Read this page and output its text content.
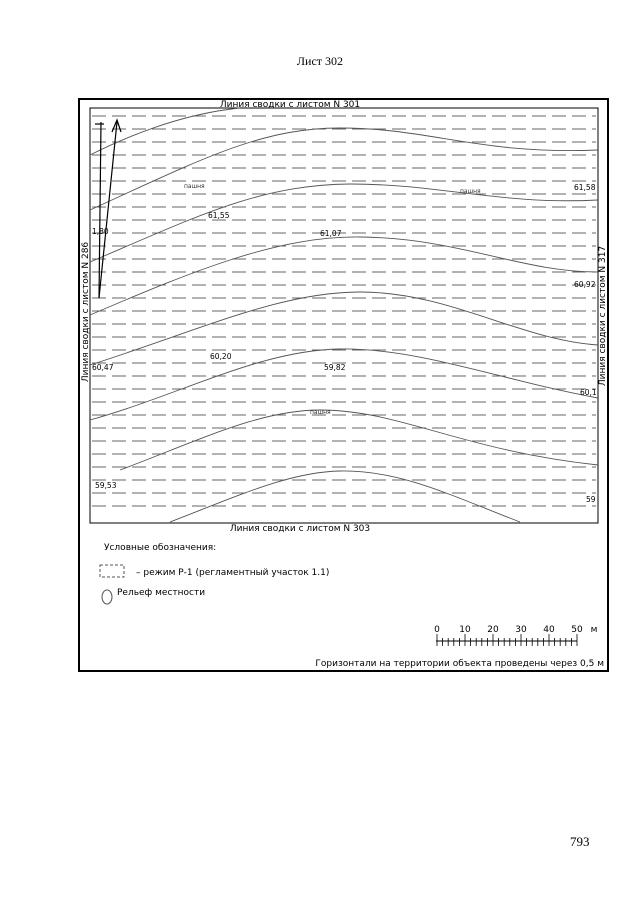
Лист 302
Линия сводки с листом N 301
Линия сводки с листом N 303
Линия сводки с листом N 286	Линия сводки с листом N 317
61,58
61,55
61,07
60,92
60,20
60,47	59,82
60,1
59,53
59
1,80
пашня
пашня
пашня
Условные обозначения:
– режим Р-1 (регламентный участок 1.1)
Рельеф местности
0 10 20 30 40 50 м
Горизонтали на территории объекта проведены через 0,5 м
793
